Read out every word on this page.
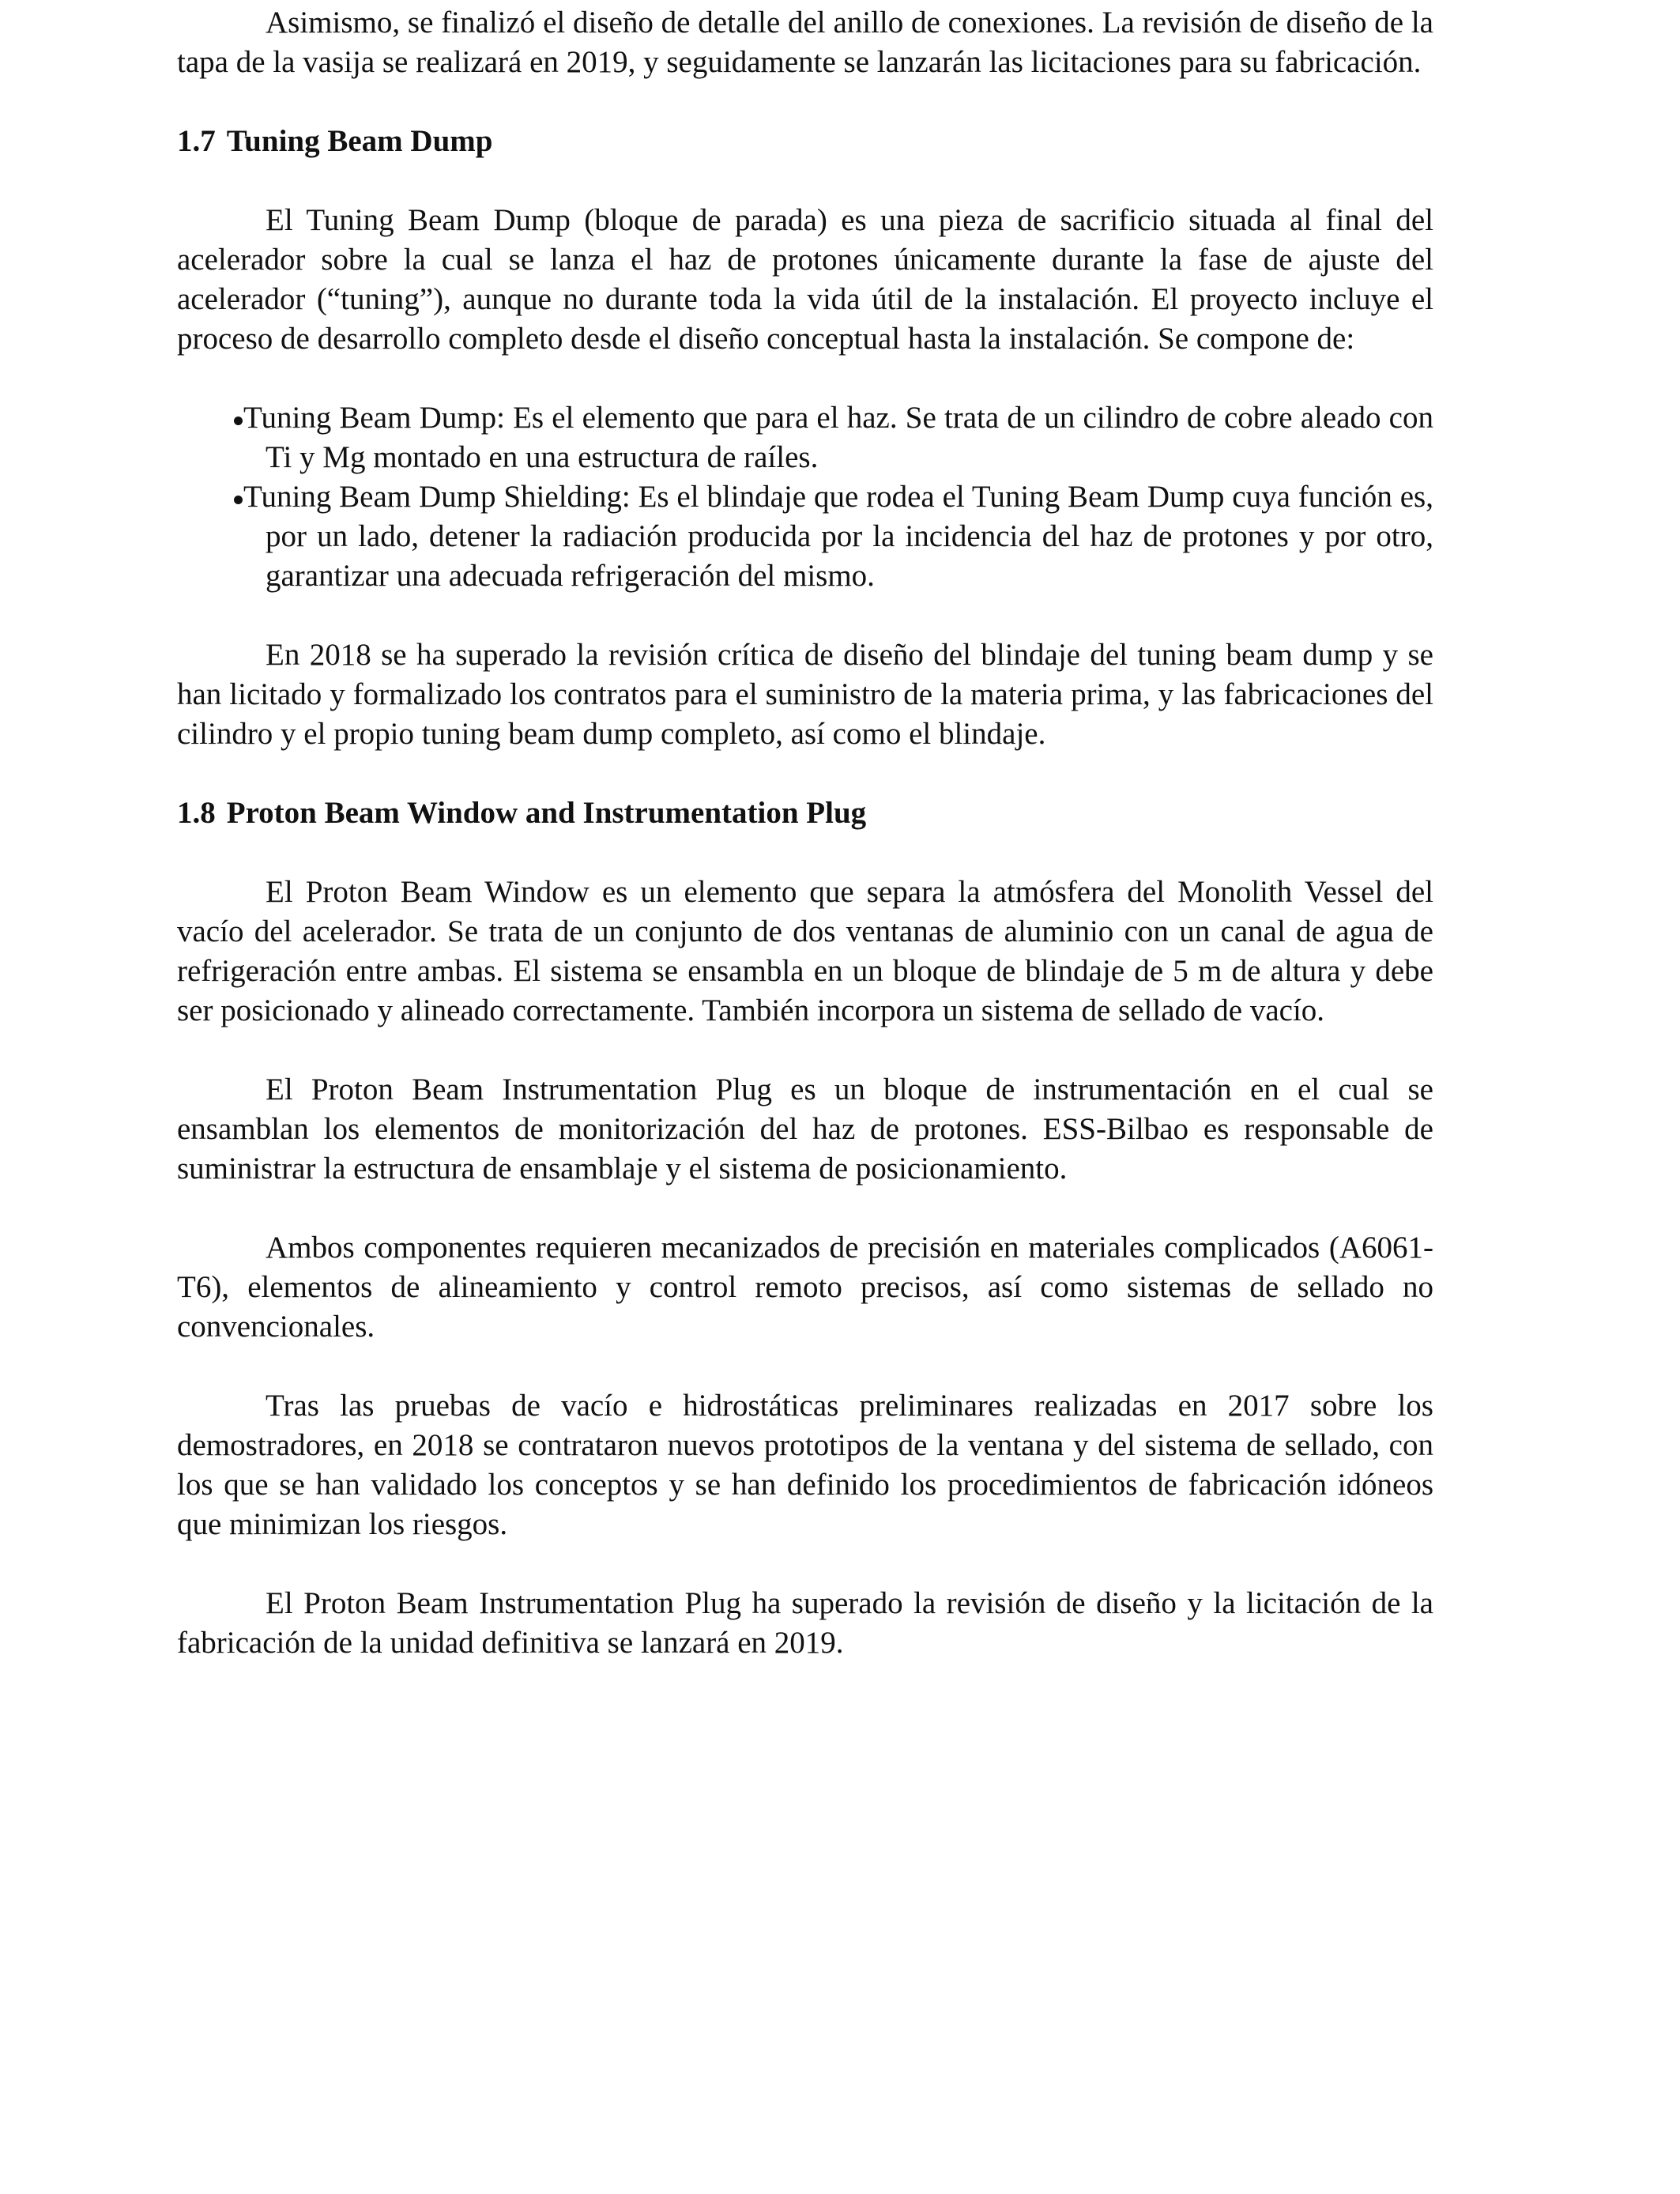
Asimismo, se finalizó el diseño de detalle del anillo de conexiones. La revisión de diseño de la tapa de la vasija se realizará en 2019, y seguidamente se lanzarán las licitaciones para su fabricación.

1.7 Tuning Beam Dump

El Tuning Beam Dump (bloque de parada) es una pieza de sacrificio situada al final del acelerador sobre la cual se lanza el haz de protones únicamente durante la fase de ajuste del acelerador (“tuning”), aunque no durante toda la vida útil de la instalación. El proyecto incluye el proceso de desarrollo completo desde el diseño conceptual hasta la instalación. Se compone de:

Tuning Beam Dump: Es el elemento que para el haz. Se trata de un cilindro de cobre aleado con Ti y Mg montado en una estructura de raíles.
Tuning Beam Dump Shielding: Es el blindaje que rodea el Tuning Beam Dump cuya función es, por un lado, detener la radiación producida por la incidencia del haz de protones y por otro, garantizar una adecuada refrigeración del mismo.

En 2018 se ha superado la revisión crítica de diseño del blindaje del tuning beam dump y se han licitado y formalizado los contratos para el suministro de la materia prima, y las fabricaciones del cilindro y el propio tuning beam dump completo, así como el blindaje.

1.8 Proton Beam Window and Instrumentation Plug

El Proton Beam Window es un elemento que separa la atmósfera del Monolith Vessel del vacío del acelerador. Se trata de un conjunto de dos ventanas de aluminio con un canal de agua de refrigeración entre ambas. El sistema se ensambla en un bloque de blindaje de 5 m de altura y debe ser posicionado y alineado correctamente. También incorpora un sistema de sellado de vacío.

El Proton Beam Instrumentation Plug es un bloque de instrumentación en el cual se ensamblan los elementos de monitorización del haz de protones. ESS-Bilbao es responsable de suministrar la estructura de ensamblaje y el sistema de posicionamiento.

Ambos componentes requieren mecanizados de precisión en materiales complicados (A6061-T6), elementos de alineamiento y control remoto precisos, así como sistemas de sellado no convencionales.

Tras las pruebas de vacío e hidrostáticas preliminares realizadas en 2017 sobre los demostradores, en 2018 se contrataron nuevos prototipos de la ventana y del sistema de sellado, con los que se han validado los conceptos y se han definido los procedimientos de fabricación idóneos que minimizan los riesgos.

El Proton Beam Instrumentation Plug ha superado la revisión de diseño y la licitación de la fabricación de la unidad definitiva se lanzará en 2019.
